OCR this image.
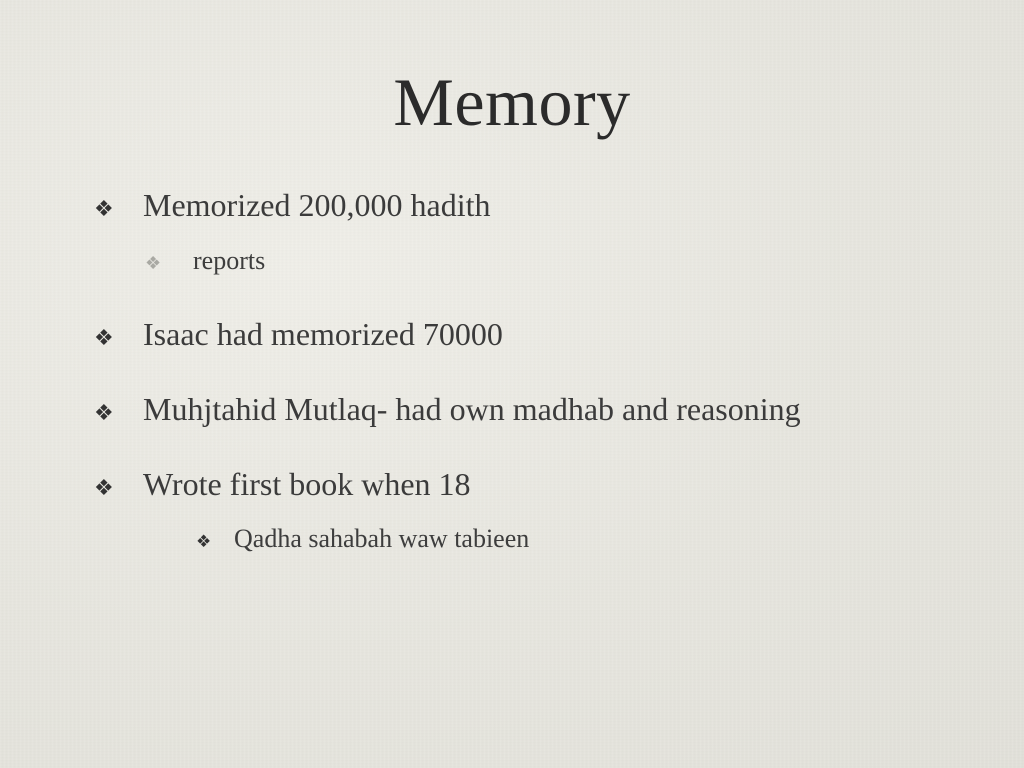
Memory
❖ Memorized 200,000 hadith
❖	reports
❖ Isaac had memorized 70000
❖ Muhjtahid Mutlaq- had own madhab and reasoning
❖ Wrote first book when 18
❖ Qadha sahabah waw tabieen
